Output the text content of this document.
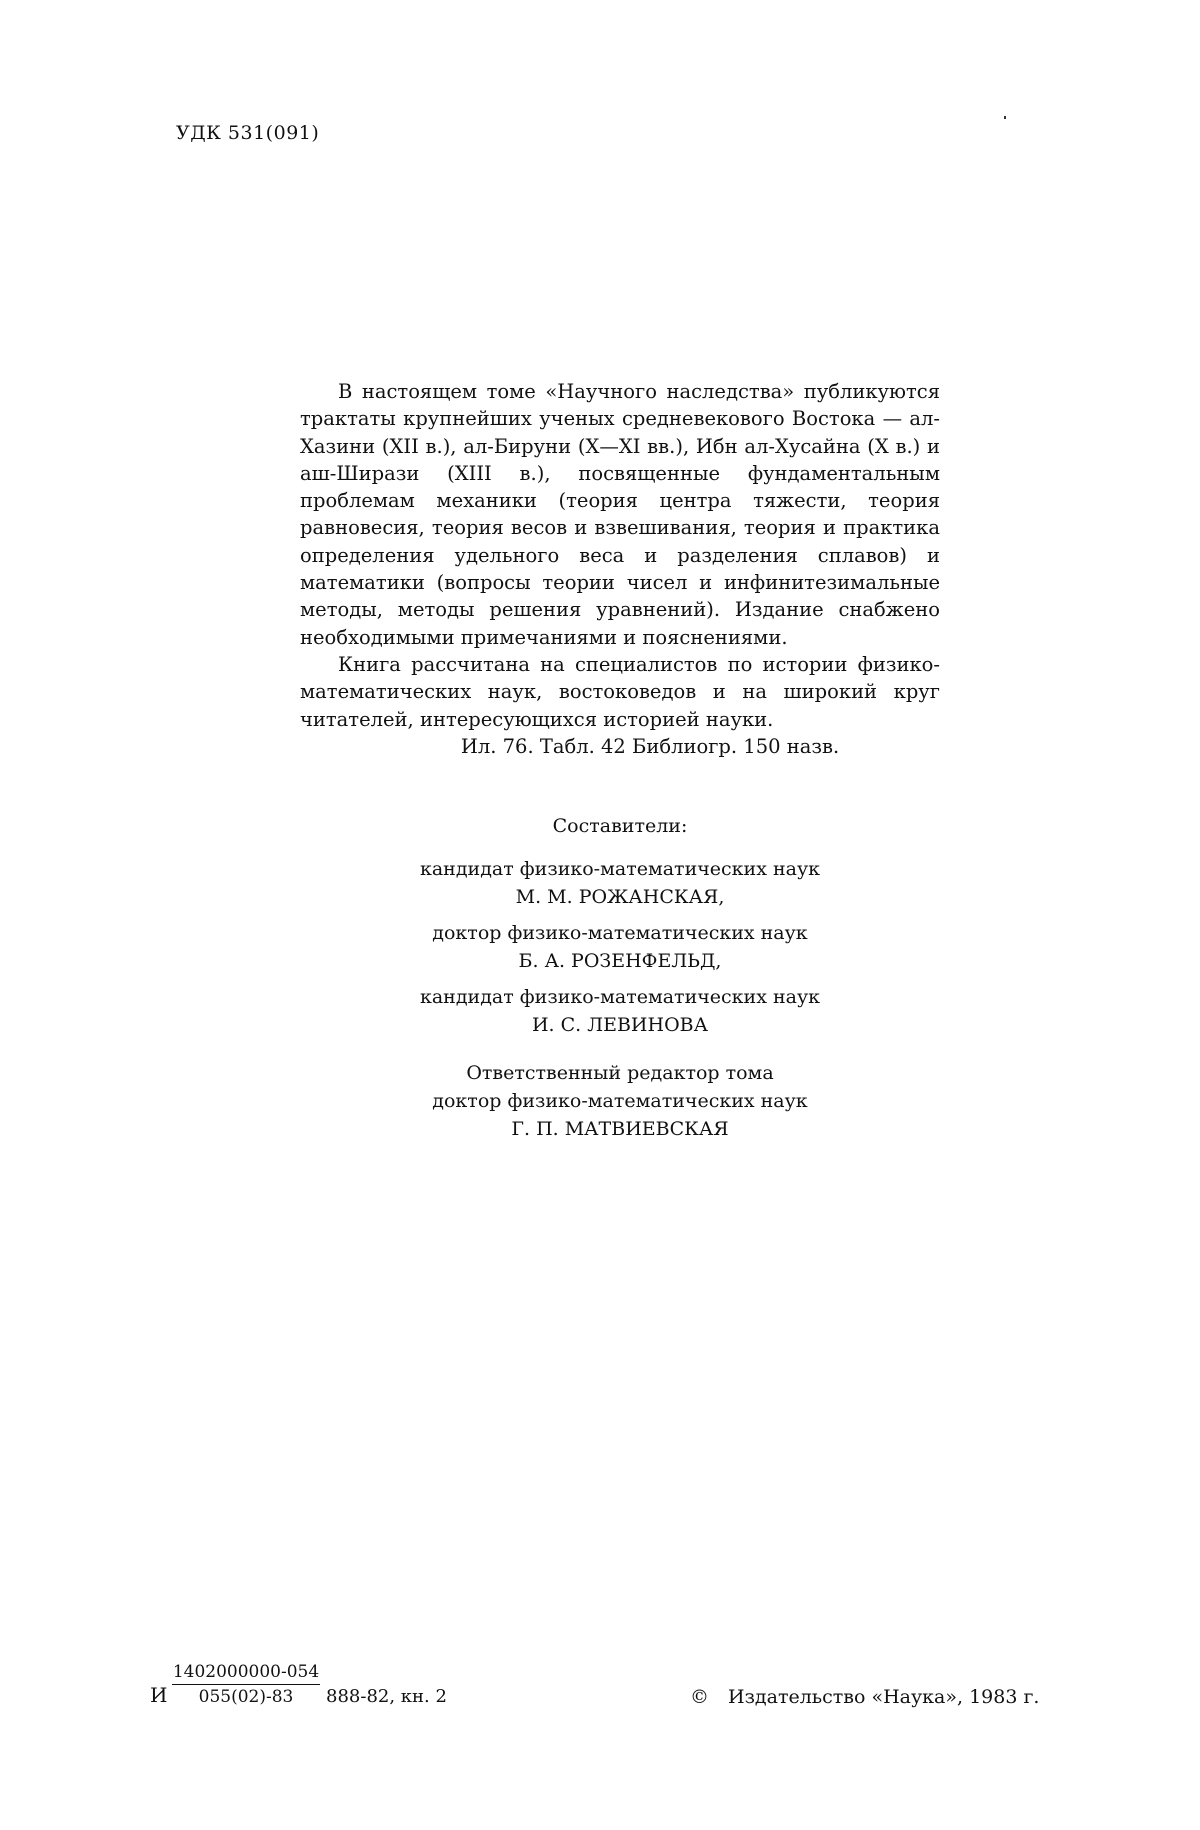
УДК 531(091)

В настоящем томе «Научного наследства» публикуются трактаты крупнейших ученых средневекового Востока — ал-Хазини (XII в.), ал-Бируни (X—XI вв.), Ибн ал-Хусайна (X в.) и аш-Ширази (XIII в.), посвященные фундаментальным проблемам механики (теория центра тяжести, теория равновесия, теория весов и взвешивания, теория и практика определения удельного веса и разделения сплавов) и математики (вопросы теории чисел и инфинитезимальные методы, методы решения уравнений). Издание снабжено необходимыми примечаниями и пояснениями.

Книга рассчитана на специалистов по истории физико-математических наук, востоковедов и на широкий круг читателей, интересующихся историей науки.

Ил. 76. Табл. 42 Библиогр. 150 назв.

Составители:
кандидат физико-математических наук
М. М. РОЖАНСКАЯ,
доктор физико-математических наук
Б. А. РОЗЕНФЕЛЬД,
кандидат физико-математических наук
И. С. ЛЕВИНОВА
Ответственный редактор тома
доктор физико-математических наук
Г. П. МАТВИЕВСКАЯ
И
1402000000-054
055(02)-83	888-82, кн. 2	© Издательство «Наука», 1983 г.
